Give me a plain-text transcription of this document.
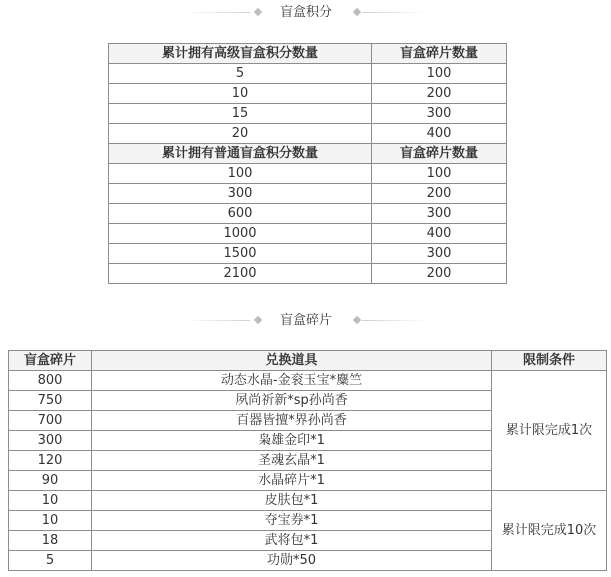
盲盒积分
累计拥有高级盲盒积分数量	盲盒碎片数量
5	100
10	200
15	300
20	400
累计拥有普通盲盒积分数量	盲盒碎片数量
100	100
300	200
600	300
1000	400
1500	300
2100	200
盲盒碎片
盲盒碎片	兑换道具	限制条件
800	动态水晶-金衮玉宝*麋竺	累计限完成1次
750	夙尚祈新*sp孙尚香	
700	百器皆擅*界孙尚香	
300	枭雄金印*1	
120	圣魂玄晶*1	
90	水晶碎片*1	
10	皮肤包*1	累计限完成10次
10	夺宝券*1	
18	武将包*1	
5	功勋*50	
